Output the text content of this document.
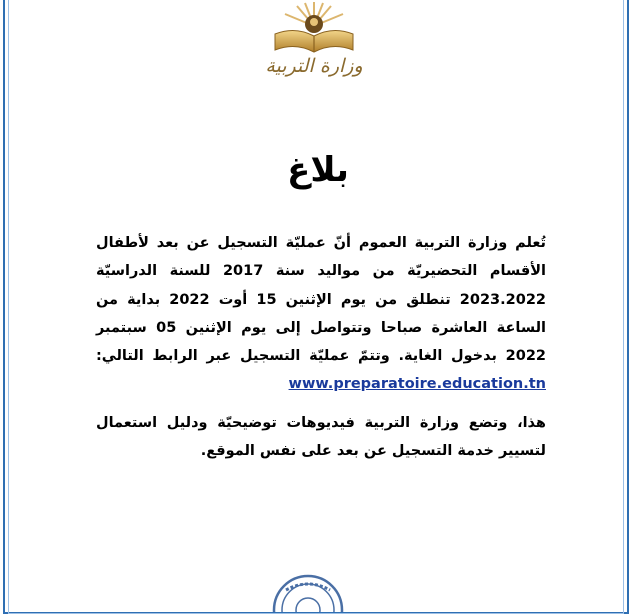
وزارة التربية
بلاغ
تُعلم وزارة التربية العموم أنّ عمليّة التسجيل عن بعد لأطفال الأقسام التحضيريّة من مواليد سنة 2017 للسنة الدراسيّة 2023.2022 تنطلق من يوم الإثنين 15 أوت 2022 بداية من الساعة العاشرة صباحا وتتواصل إلى يوم الإثنين 05 سبتمبر 2022 بدخول الغاية. وتتمّ عمليّة التسجيل عبر الرابط التالي: www.preparatoire.education.tn
هذا، وتضع وزارة التربية فيديوهات توضيحيّة ودليل استعمال لتسيير خدمة التسجيل عن بعد على نفس الموقع.
